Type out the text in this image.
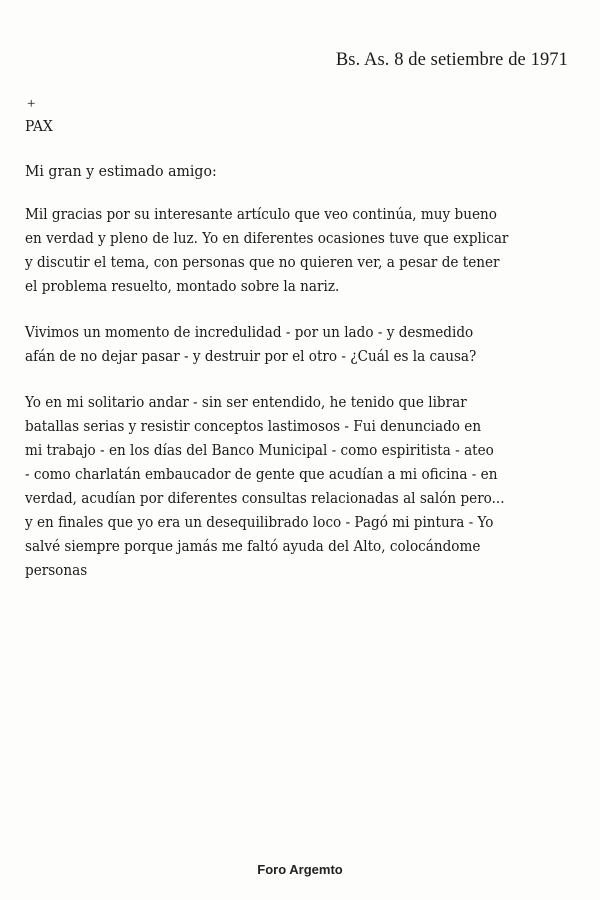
Bs. As. 8 de setiembre de 1971
+
PAX
Mi gran y estimado amigo:
Mil gracias por su interesante artículo que veo continúa, muy bueno
en verdad y pleno de luz. Yo en diferentes ocasiones tuve que explicar
y discutir el tema, con personas que no quieren ver, a pesar de tener
el problema resuelto, montado sobre la nariz.
Vivimos un momento de incredulidad - por un lado - y desmedido
afán de no dejar pasar - y destruir por el otro - ¿Cuál es la causa?
Yo en mi solitario andar - sin ser entendido, he tenido que librar
batallas serias y resistir conceptos lastimosos - Fui denunciado en
mi trabajo - en los días del Banco Municipal - como espiritista - ateo
- como charlatán embaucador de gente que acudían a mi oficina - en
verdad, acudían por diferentes consultas relacionadas al salón pero...
y en finales que yo era un desequilibrado loco - Pagó mi pintura - Yo
salvé siempre porque jamás me faltó ayuda del Alto, colocándome
personas
Foro Argemto
